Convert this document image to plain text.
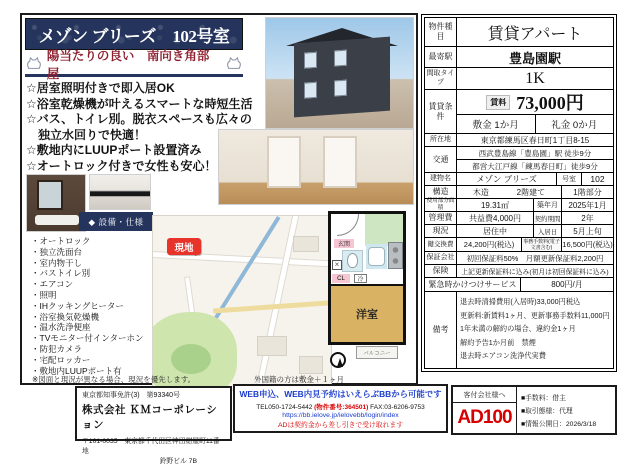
メゾン ブリーズ　102号室
陽当たりの良い　南向き角部屋
☆居室照明付きで即入居OK
☆浴室乾燥機が叶えるスマートな時短生活
☆バス、トイレ別。脱衣スペースも広々の
　独立水回りで快適！
☆敷地内にLUUPポート設置済み
☆オートロック付きで女性も安心！
◆ 設備・仕様
・オートロック
・独立洗面台
・室内物干し
・バストイレ別
・エアコン
・照明
・IHクッキングヒーター
・浴室換気乾燥機
・温水洗浄便座
・TVモニター付インターホン
・防犯カメラ
・宅配ロッカー
・敷地内LUUPポート有
現地	玄関
×
CL	冷
洋室
バルコニー
※図面と現況が異なる場合、現況を優先します。	外国籍の方は敷金＋１ヶ月
物件種目	賃貸アパート
最寄駅	豊島園駅
間取タイプ	1K
賃貸条件
賃料 73,000円
敷金 1か月	礼金 0か月
所在地	東京都練馬区春日町1丁目8-15
交通
西武豊島線「豊島園」駅 徒歩9分
都営大江戸線「練馬春日町」徒歩9分
建物名	メゾン ブリーズ	号室	102
構造	木造	2階建て	1階部分
使用部分面積	19.31㎡	築年月	2025年1月
管理費	共益費4,000円	契約期間	2年
現況	居住中	入居日	5月上旬
鍵交換費	24,200円(税込)	事務手数料(電子文書含む)	16,500円(税込)
保証会社	初回保証料50%　月額更新保証料2,200円
保険	上記更新保証料に込み(初月は初回保証料に込み)
緊急時かけつけサービス	800円/月
備考
退去時清掃費用(入居時)33,000円税込
更新料:新賃料1ヶ月、更新事務手数料11,000円
1年未満の解約の場合、違約金1ヶ月
解約予告1か月前　禁煙
退去時エアコン洗浄代実費
東京都知事免許(3)　第93340号
株式会社 ＫＭコーポレーション
〒101-0035　東京都千代田区神田紺屋町11番地
鈴野ビル 7B
WEB申込、WEB内見予約はいえらぶBBから可能です
TEL050-1724-5442 (物件番号:364501) FAX:03-6206-9753
https://bb.ielove.jp/ielovebb/login/index
ADは契約金から差し引きで受け取れます
客付会社様へ
AD100
■手数料：借主
■取引態様：代理
■情報公開日：2026/3/18
